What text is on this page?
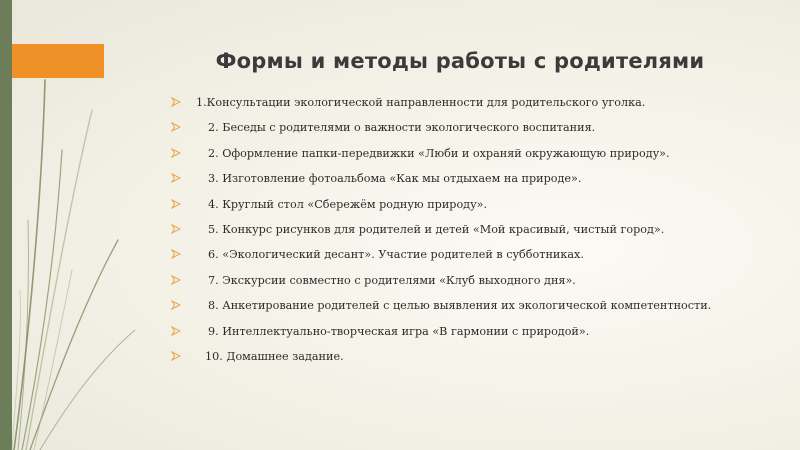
Формы и методы работы с родителями
1.Консультации экологической направленности для родительского уголка.
2. Беседы с родителями о важности экологического воспитания.
2. Оформление папки-передвижки «Люби и охраняй окружающую природу».
3. Изготовление фотоальбома «Как мы отдыхаем на природе».
4. Круглый стол «Сбережём родную природу».
5. Конкурс рисунков для родителей и детей «Мой красивый, чистый город».
6. «Экологический десант». Участие родителей в субботниках.
7. Экскурсии совместно с родителями «Клуб выходного дня».
8. Анкетирование родителей с целью выявления их экологической компетентности.
9. Интеллектуально-творческая игра «В гармонии с природой».
10. Домашнее задание.
